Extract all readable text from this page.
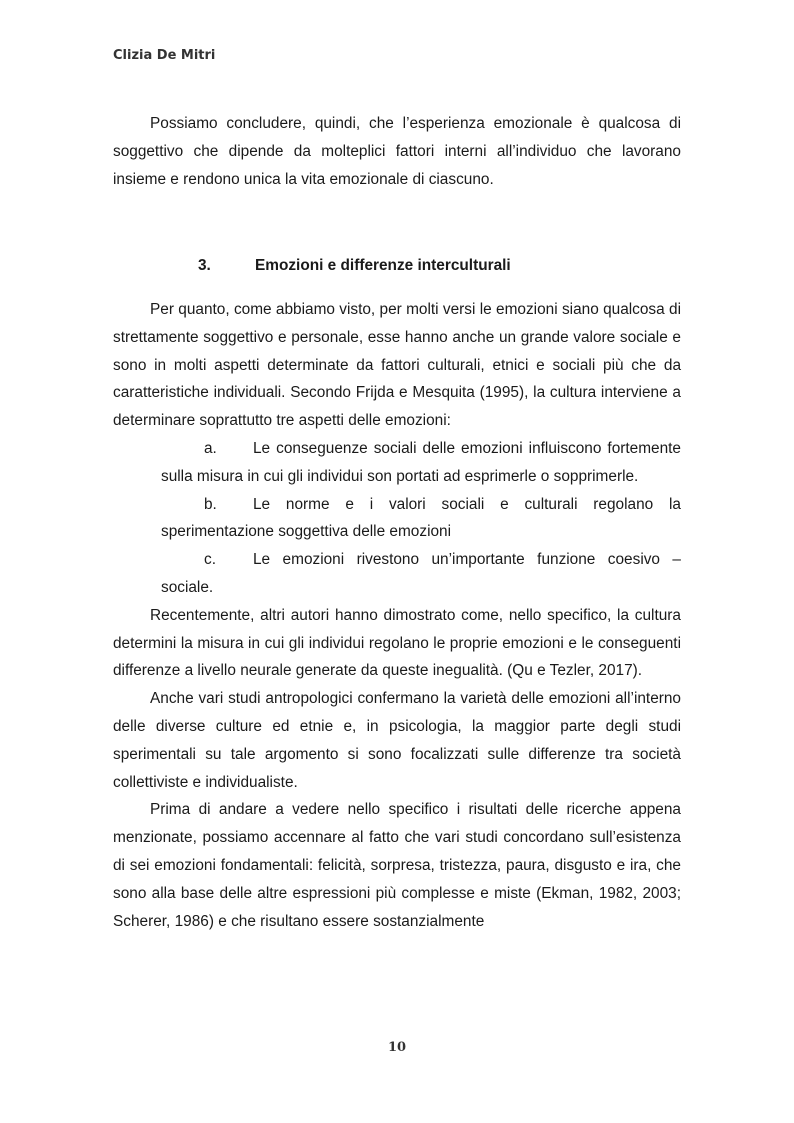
Clizia De Mitri

Possiamo concludere, quindi, che l’esperienza emozionale è qualcosa di soggettivo che dipende da molteplici fattori interni all’individuo che lavorano insieme e rendono unica la vita emozionale di ciascuno.

3.	Emozioni e differenze interculturali

Per quanto, come abbiamo visto, per molti versi le emozioni siano qualcosa di strettamente soggettivo e personale, esse hanno anche un grande valore sociale e sono in molti aspetti determinate da fattori culturali, etnici e sociali più che da caratteristiche individuali. Secondo Frijda e Mesquita (1995), la cultura interviene a determinare soprattutto tre aspetti delle emozioni:

a. Le conseguenze sociali delle emozioni influiscono fortemente sulla misura in cui gli individui son portati ad esprimerle o sopprimerle.
b. Le norme e i valori sociali e culturali regolano la sperimentazione soggettiva delle emozioni
c. Le emozioni rivestono un’importante funzione coesivo – sociale.

Recentemente, altri autori hanno dimostrato come, nello specifico, la cultura determini la misura in cui gli individui regolano le proprie emozioni e le conseguenti differenze a livello neurale generate da queste inegualità. (Qu e Tezler, 2017).

Anche vari studi antropologici confermano la varietà delle emozioni all’interno delle diverse culture ed etnie e, in psicologia, la maggior parte degli studi sperimentali su tale argomento si sono focalizzati sulle differenze tra società collettiviste e individualiste.

Prima di andare a vedere nello specifico i risultati delle ricerche appena menzionate, possiamo accennare al fatto che vari studi concordano sull’esistenza di sei emozioni fondamentali: felicità, sorpresa, tristezza, paura, disgusto e ira, che sono alla base delle altre espressioni più complesse e miste (Ekman, 1982, 2003; Scherer, 1986) e che risultano essere sostanzialmente

10
